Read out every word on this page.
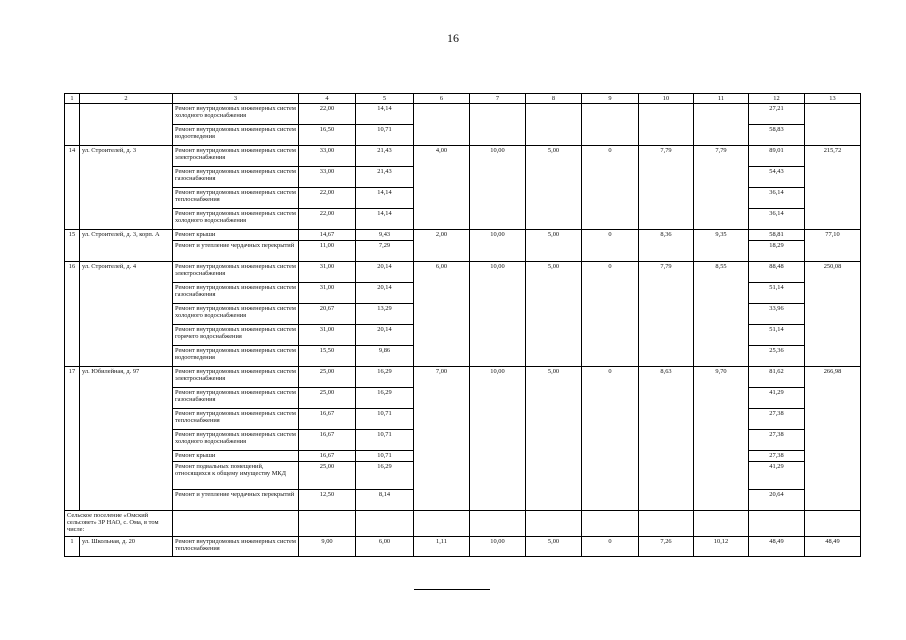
16
1	2	3	4	5	6	7	8	9	10	11	12	13
		Ремонт внутридомовых инженерных систем холодного водоснабжения	22,00	14,14							27,21	
		Ремонт внутридомовых инженерных систем водоотведения	16,50	10,71							58,83	
14	ул. Строителей, д. 3	Ремонт внутридомовых инженерных систем электроснабжения	33,00	21,43	4,00	10,00	5,00	0	7,79	7,79	89,01	215,72
		Ремонт внутридомовых инженерных систем газоснабжения	33,00	21,43							54,43	
		Ремонт внутридомовых инженерных систем теплоснабжения	22,00	14,14							36,14	
		Ремонт внутридомовых инженерных систем холодного водоснабжения	22,00	14,14							36,14	
15	ул. Строителей, д. 3, корп. А	Ремонт крыши	14,67	9,43	2,00	10,00	5,00	0	8,36	9,35	58,81	77,10
		Ремонт и утепление чердачных перекрытий	11,00	7,29							18,29	
16	ул. Строителей, д. 4	Ремонт внутридомовых инженерных систем электроснабжения	31,00	20,14	6,00	10,00	5,00	0	7,79	8,55	88,48	250,08
		Ремонт внутридомовых инженерных систем газоснабжения	31,00	20,14							51,14	
		Ремонт внутридомовых инженерных систем холодного водоснабжения	20,67	13,29							33,96	
		Ремонт внутридомовых инженерных систем горячего водоснабжения	31,00	20,14							51,14	
		Ремонт внутридомовых инженерных систем водоотведения	15,50	9,86							25,36	
17	ул. Юбилейная, д. 97	Ремонт внутридомовых инженерных систем электроснабжения	25,00	16,29	7,00	10,00	5,00	0	8,63	9,70	81,62	266,98
		Ремонт внутридомовых инженерных систем газоснабжения	25,00	16,29							41,29	
		Ремонт внутридомовых инженерных систем теплоснабжения	16,67	10,71							27,38	
		Ремонт внутридомовых инженерных систем холодного водоснабжения	16,67	10,71							27,38	
		Ремонт крыши	16,67	10,71							27,38	
		Ремонт подвальных помещений, относящихся к общему имуществу МКД	25,00	16,29							41,29	
		Ремонт и утепление чердачных перекрытий	12,50	8,14							20,64	
Сельское поселение «Омский сельсовет» ЗР НАО, с. Ома, в том числе:												
1	ул. Школьная, д. 20	Ремонт внутридомовых инженерных систем теплоснабжения	9,00	6,00	1,11	10,00	5,00	0	7,26	10,12	48,49	48,49
